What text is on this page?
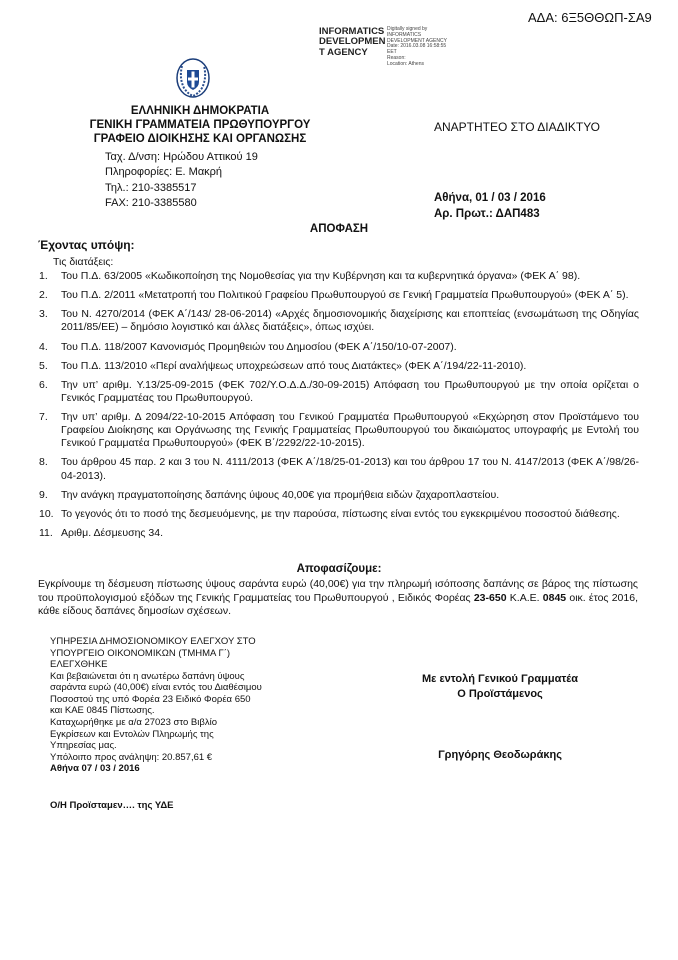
ΑΔΑ: 6Ξ5ΘΘΩΠ-ΣΑ9
INFORMATICS
DEVELOPMEN
T AGENCY
Digitally signed by
INFORMATICS
DEVELOPMENT AGENCY
Date: 2016.03.08 16:58:55
EET
Reason:
Location: Athens
ΕΛΛΗΝΙΚΗ ΔΗΜΟΚΡΑΤΙΑ
ΓΕΝΙΚΗ ΓΡΑΜΜΑΤΕΙΑ ΠΡΩΘΥΠΟΥΡΓΟΥ
ΓΡΑΦΕΙΟ ΔΙΟΙΚΗΣΗΣ ΚΑΙ ΟΡΓΑΝΩΣΗΣ
ΑΝΑΡΤΗΤΕΟ ΣΤΟ ΔΙΑΔΙΚΤΥΟ
Ταχ. Δ/νση: Ηρώδου Αττικού 19
Πληροφορίες: Ε. Μακρή
Τηλ.: 210-3385517
FAX: 210-3385580	Αθήνα, 01 / 03 / 2016
Αρ. Πρωτ.: ΔΑΠ483
ΑΠΟΦΑΣΗ
Έχοντας υπόψη:
Τις διατάξεις:
1. Του Π.Δ. 63/2005 «Κωδικοποίηση της Νομοθεσίας για την Κυβέρνηση και τα κυβερνητικά όργανα» (ΦΕΚ Α΄ 98).
2. Του Π.Δ. 2/2011 «Μετατροπή του Πολιτικού Γραφείου Πρωθυπουργού σε Γενική Γραμματεία Πρωθυπουργού» (ΦΕΚ Α΄ 5).
3. Του Ν. 4270/2014 (ΦΕΚ Α΄/143/ 28-06-2014) «Αρχές δημοσιονομικής διαχείρισης και εποπτείας (ενσωμάτωση της Οδηγίας 2011/85/ΕΕ) – δημόσιο λογιστικό και άλλες διατάξεις», όπως ισχύει.
4. Του Π.Δ. 118/2007 Κανονισμός Προμηθειών του Δημοσίου (ΦΕΚ Α΄/150/10-07-2007).
5. Του Π.Δ. 113/2010 «Περί αναλήψεως υποχρεώσεων από τους Διατάκτες» (ΦΕΚ Α΄/194/22-11-2010).
6. Την υπ’ αριθμ. Υ.13/25-09-2015 (ΦΕΚ 702/Υ.Ο.Δ.Δ./30-09-2015) Απόφαση του Πρωθυπουργού με την οποία ορίζεται ο Γενικός Γραμματέας του Πρωθυπουργού.
7. Την υπ’ αριθμ. Δ 2094/22-10-2015 Απόφαση του Γενικού Γραμματέα Πρωθυπουργού «Εκχώρηση στον Προϊστάμενο του Γραφείου Διοίκησης και Οργάνωσης της Γενικής Γραμματείας Πρωθυπουργού του δικαιώματος υπογραφής με Εντολή του Γενικού Γραμματέα Πρωθυπουργού» (ΦΕΚ Β΄/2292/22-10-2015).
8. Του άρθρου 45 παρ. 2 και 3 του Ν. 4111/2013 (ΦΕΚ Α΄/18/25-01-2013) και του άρθρου 17 του Ν. 4147/2013 (ΦΕΚ Α΄/98/26-04-2013).
9. Την ανάγκη πραγματοποίησης δαπάνης ύψους 40,00€ για προμήθεια ειδών ζαχαροπλαστείου.
10. Το γεγονός ότι το ποσό της δεσμευόμενης, με την παρούσα, πίστωσης είναι εντός του εγκεκριμένου ποσοστού διάθεσης.
11. Αριθμ. Δέσμευσης 34.
Αποφασίζουμε:
Εγκρίνουμε τη δέσμευση πίστωσης ύψους σαράντα ευρώ (40,00€) για την πληρωμή ισόποσης δαπάνης σε βάρος της πίστωσης του προϋπολογισμού εξόδων της Γενικής Γραμματείας του Πρωθυπουργού , Ειδικός Φορέας 23-650 Κ.Α.Ε. 0845 οικ. έτος 2016, κάθε είδους δαπάνες δημοσίων σχέσεων.
ΥΠΗΡΕΣΙΑ ΔΗΜΟΣΙΟΝΟΜΙΚΟΥ ΕΛΕΓΧΟΥ ΣΤΟ
ΥΠΟΥΡΓΕΙΟ ΟΙΚΟΝΟΜΙΚΩΝ (ΤΜΗΜΑ Γ΄)
ΕΛΕΓΧΘΗΚΕ
Και βεβαιώνεται ότι η ανωτέρω δαπάνη ύψους
σαράντα ευρώ (40,00€) είναι εντός του Διαθέσιμου
Ποσοστού της υπό Φορέα 23 Ειδικό Φορέα 650
και ΚΑΕ 0845 Πίστωσης.
Καταχωρήθηκε με α/α 27023 στο Βιβλίο
Εγκρίσεων και Εντολών Πληρωμής της
Υπηρεσίας μας.
Υπόλοιπο προς ανάληψη: 20.857,61 €
Αθήνα 07 / 03 / 2016
Ο/Η Προϊσταμεν…. της ΥΔΕ
Με εντολή Γενικού Γραμματέα
Ο Προϊστάμενος
Γρηγόρης Θεοδωράκης
